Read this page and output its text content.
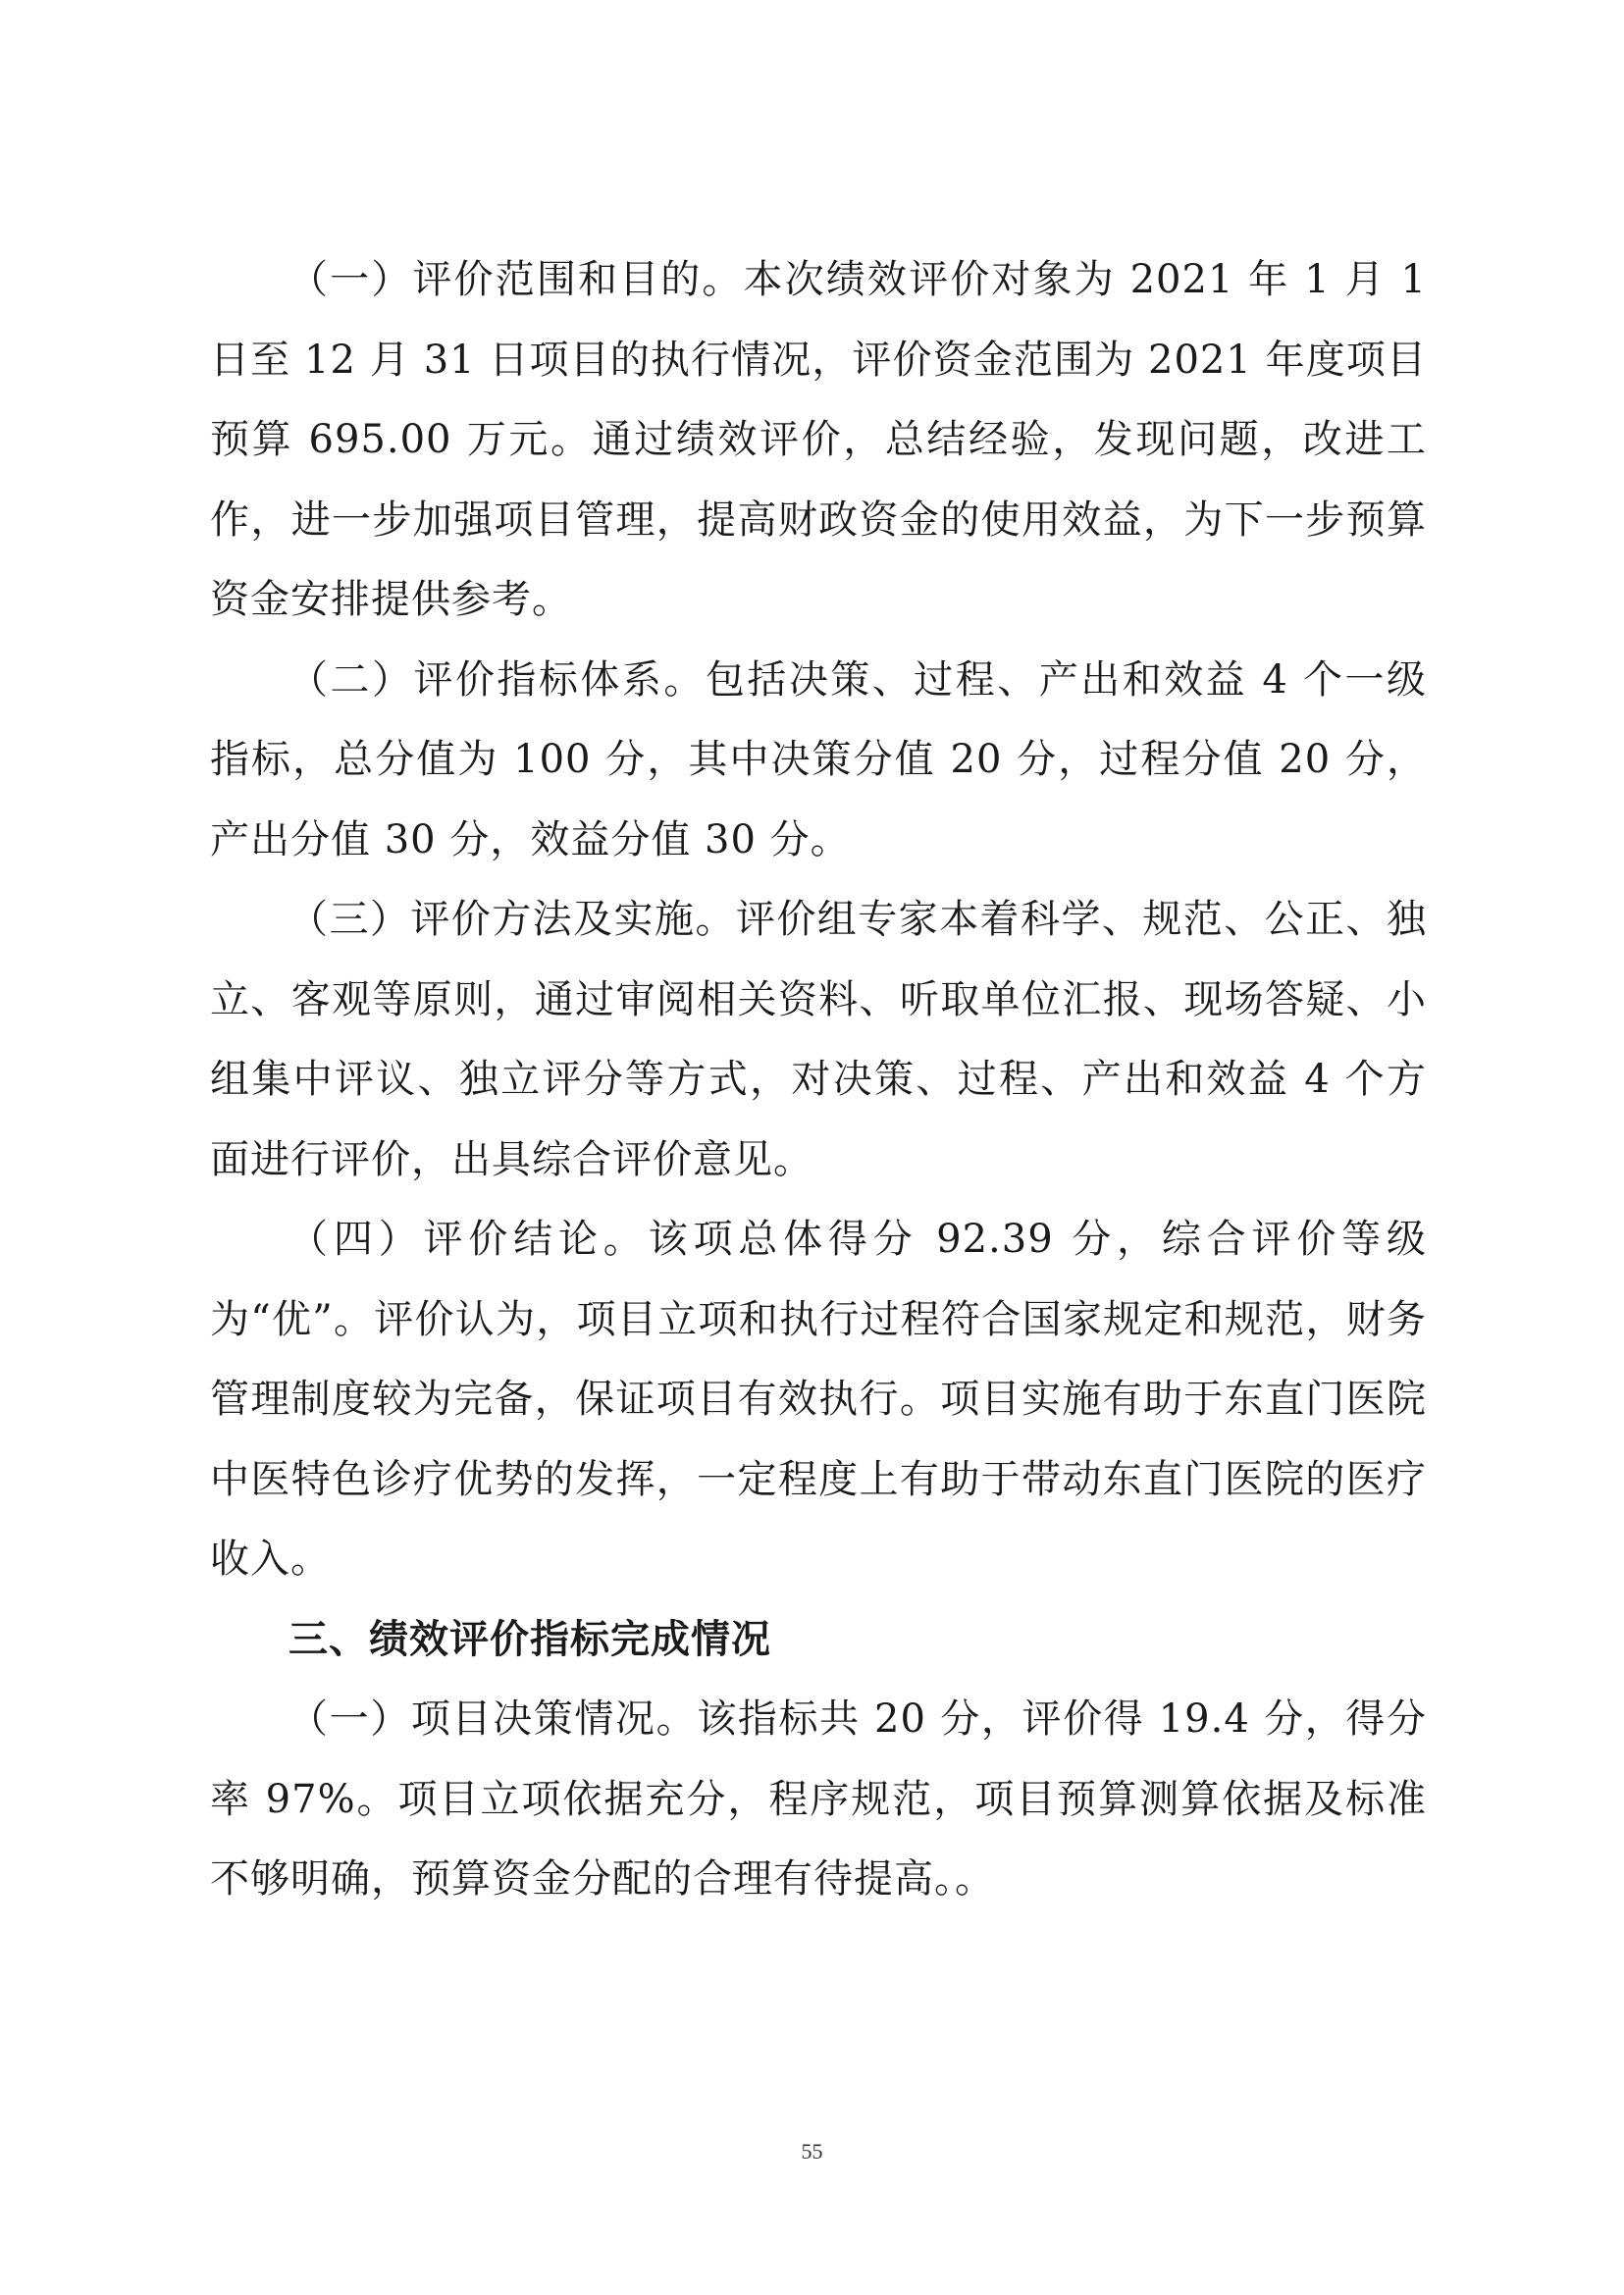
（一）评价范围和目的。本次绩效评价对象为 2021 年 1 月 1 日至 12 月 31 日项目的执行情况，评价资金范围为 2021 年度项目预算 695.00 万元。通过绩效评价，总结经验，发现问题，改进工作，进一步加强项目管理，提高财政资金的使用效益，为下一步预算资金安排提供参考。

（二）评价指标体系。包括决策、过程、产出和效益 4 个一级指标，总分值为 100 分，其中决策分值 20 分，过程分值 20 分，产出分值 30 分，效益分值 30 分。

（三）评价方法及实施。评价组专家本着科学、规范、公正、独立、客观等原则，通过审阅相关资料、听取单位汇报、现场答疑、小组集中评议、独立评分等方式，对决策、过程、产出和效益 4 个方面进行评价，出具综合评价意见。

（四）评价结论。该项总体得分 92.39 分，综合评价等级为“优”。评价认为，项目立项和执行过程符合国家规定和规范，财务管理制度较为完备，保证项目有效执行。项目实施有助于东直门医院中医特色诊疗优势的发挥，一定程度上有助于带动东直门医院的医疗收入。

三、绩效评价指标完成情况

（一）项目决策情况。该指标共 20 分，评价得 19.4 分，得分率 97%。项目立项依据充分，程序规范，项目预算测算依据及标准不够明确，预算资金分配的合理有待提高。。

55
